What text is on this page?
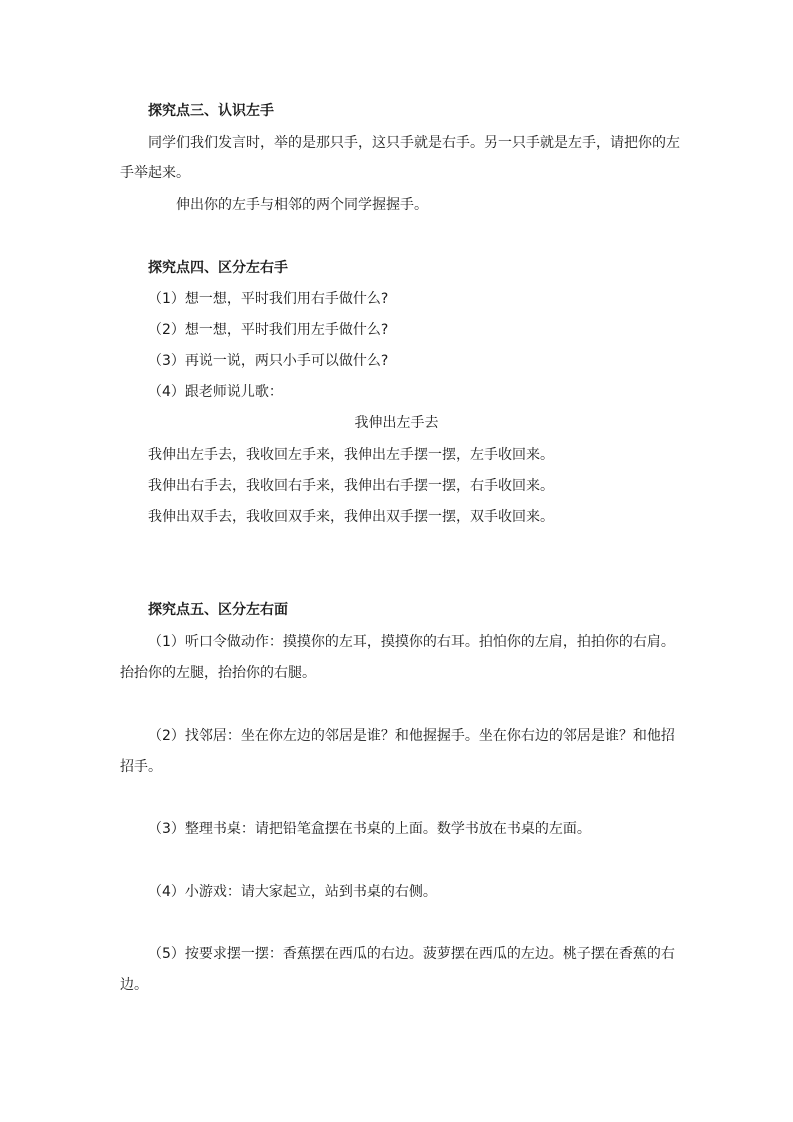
探究点三、认识左手
同学们我们发言时，举的是那只手，这只手就是右手。另一只手就是左手，请把你的左
手举起来。
伸出你的左手与相邻的两个同学握握手。
探究点四、区分左右手
（1）想一想，平时我们用右手做什么?
（2）想一想，平时我们用左手做什么?
（3）再说一说，两只小手可以做什么?
（4）跟老师说儿歌：
我伸出左手去
我伸出左手去，我收回左手来，我伸出左手摆一摆，左手收回来。
我伸出右手去，我收回右手来，我伸出右手摆一摆，右手收回来。
我伸出双手去，我收回双手来，我伸出双手摆一摆，双手收回来。
探究点五、区分左右面
（1）听口令做动作：摸摸你的左耳，摸摸你的右耳。拍怕你的左肩，拍拍你的右肩。
抬抬你的左腿，抬抬你的右腿。
（2）找邻居：坐在你左边的邻居是谁？和他握握手。坐在你右边的邻居是谁？和他招
招手。
（3）整理书桌：请把铅笔盒摆在书桌的上面。数学书放在书桌的左面。
（4）小游戏：请大家起立，站到书桌的右侧。
（5）按要求摆一摆：香蕉摆在西瓜的右边。菠萝摆在西瓜的左边。桃子摆在香蕉的右
边。
